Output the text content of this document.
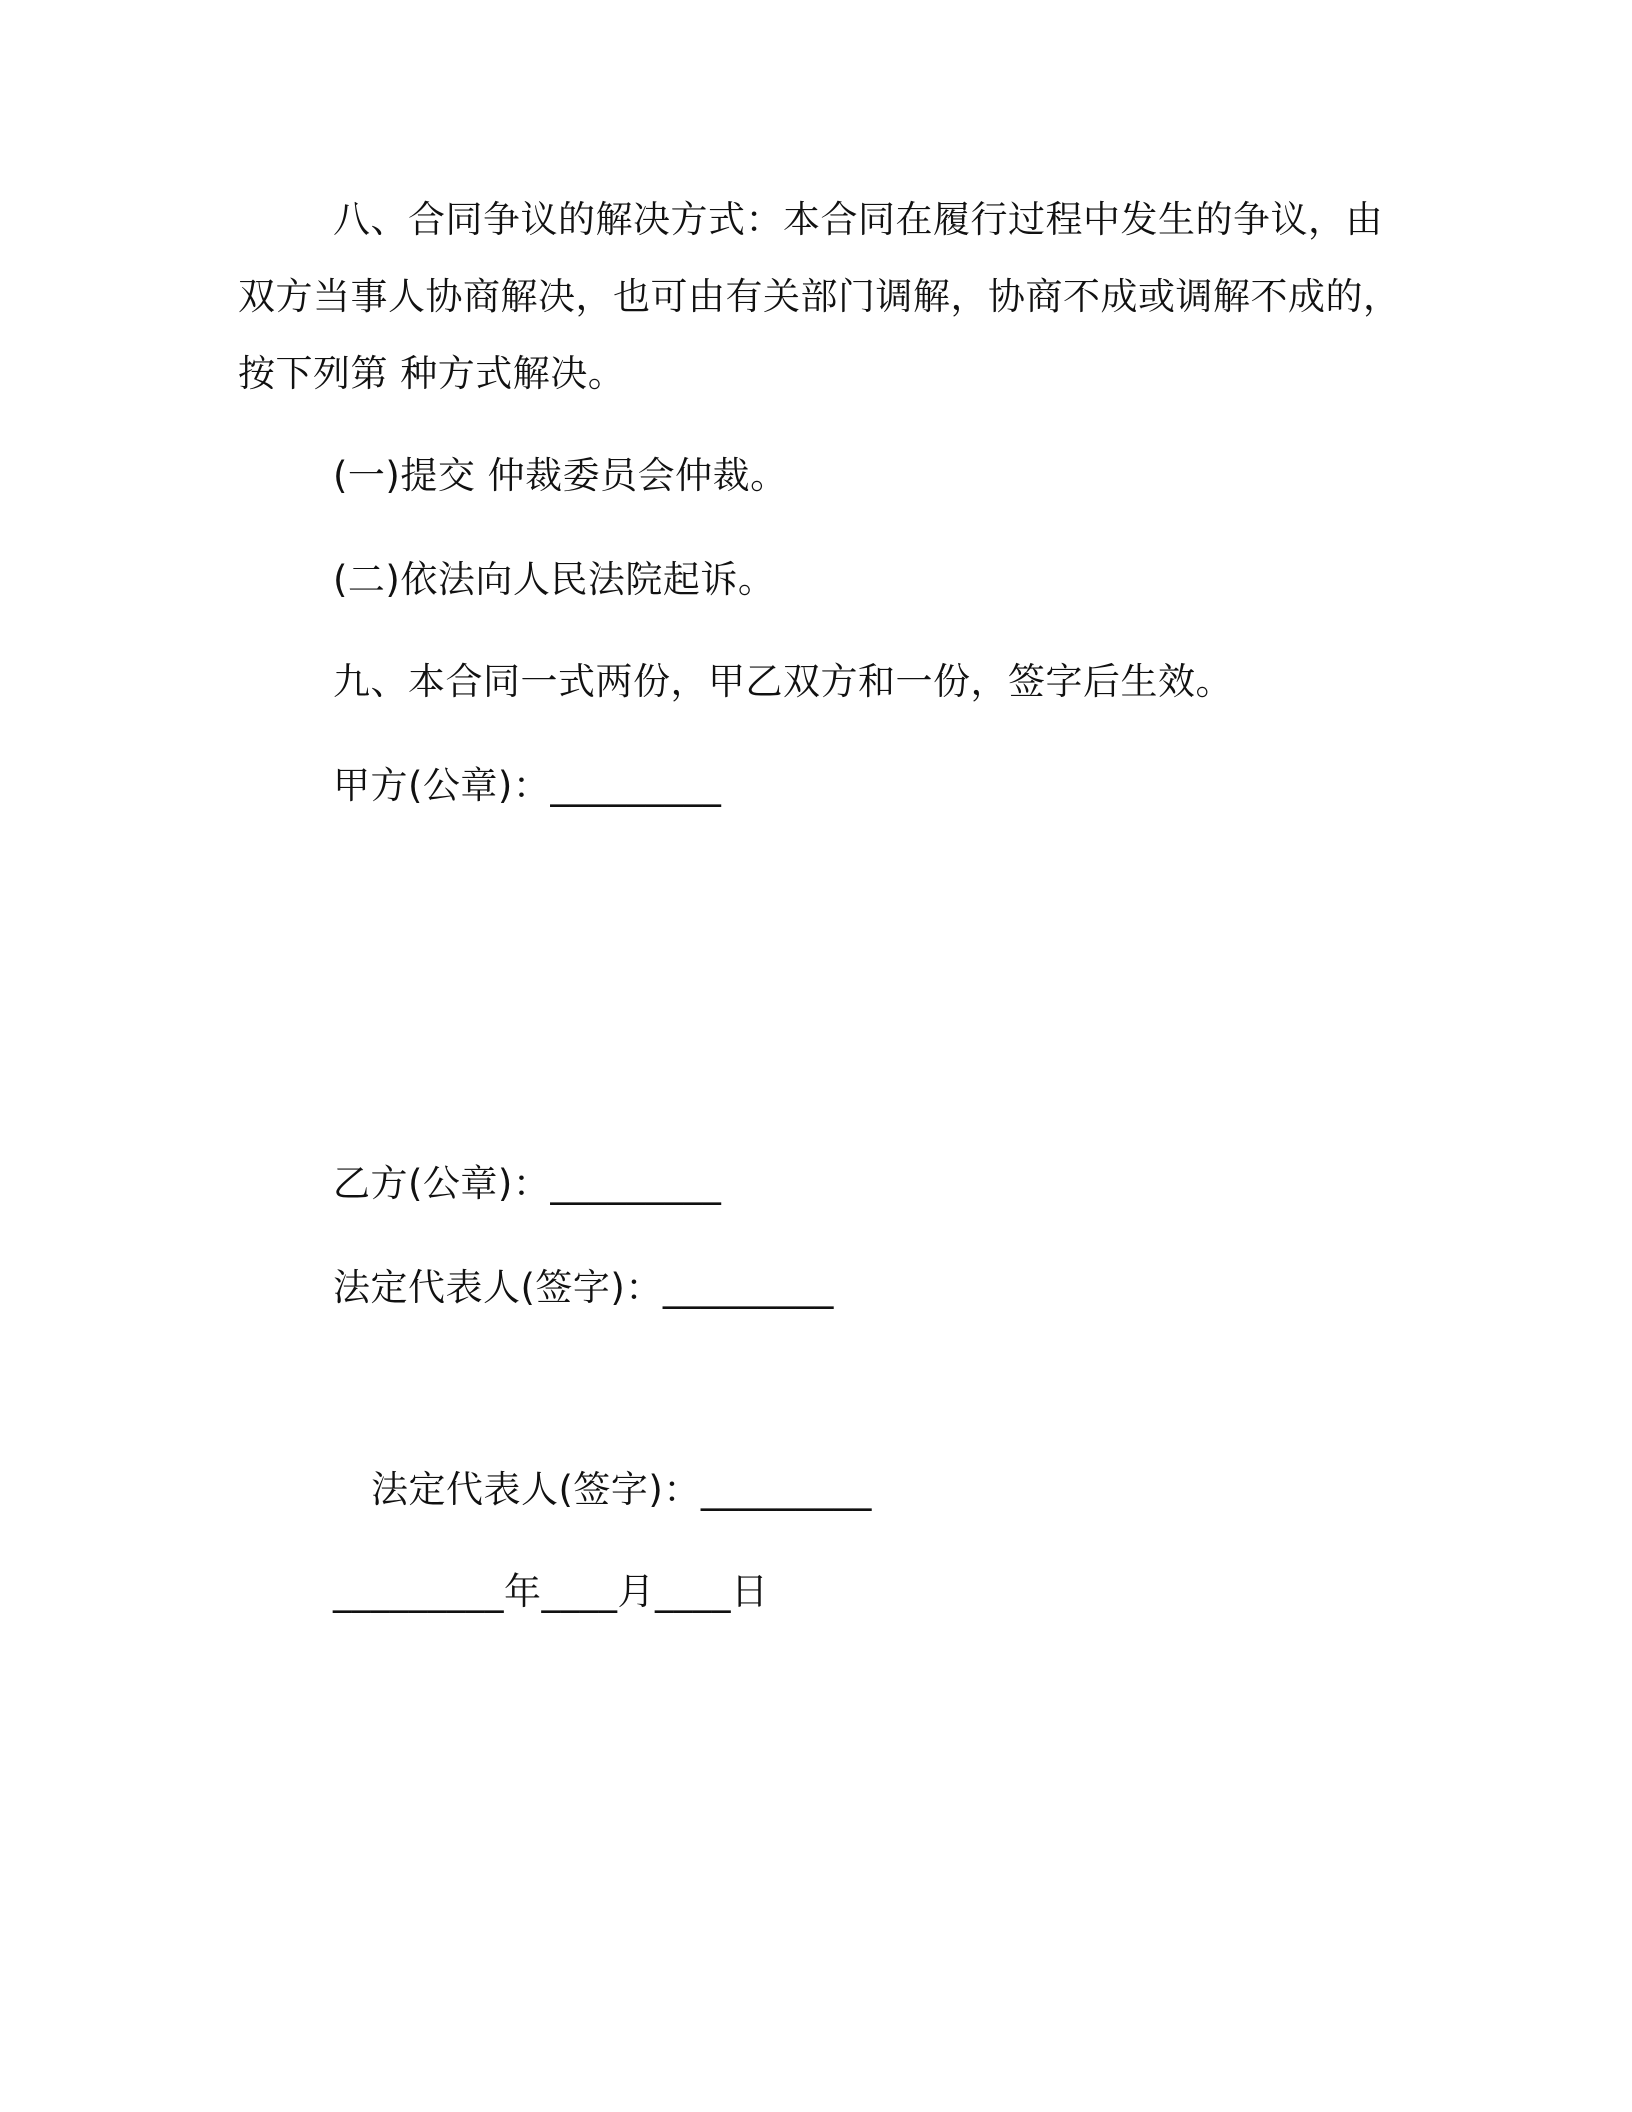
八、合同争议的解决方式：本合同在履行过程中发生的争议，由
双方当事人协商解决，也可由有关部门调解，协商不成或调解不成的，
按下列第 种方式解决。
(一)提交 仲裁委员会仲裁。
(二)依法向人民法院起诉。
九、本合同一式两份，甲乙双方和一份，签字后生效。
甲方(公章)：_________
乙方(公章)：_________
法定代表人(签字)：_________
法定代表人(签字)：_________
_________年____月____日
